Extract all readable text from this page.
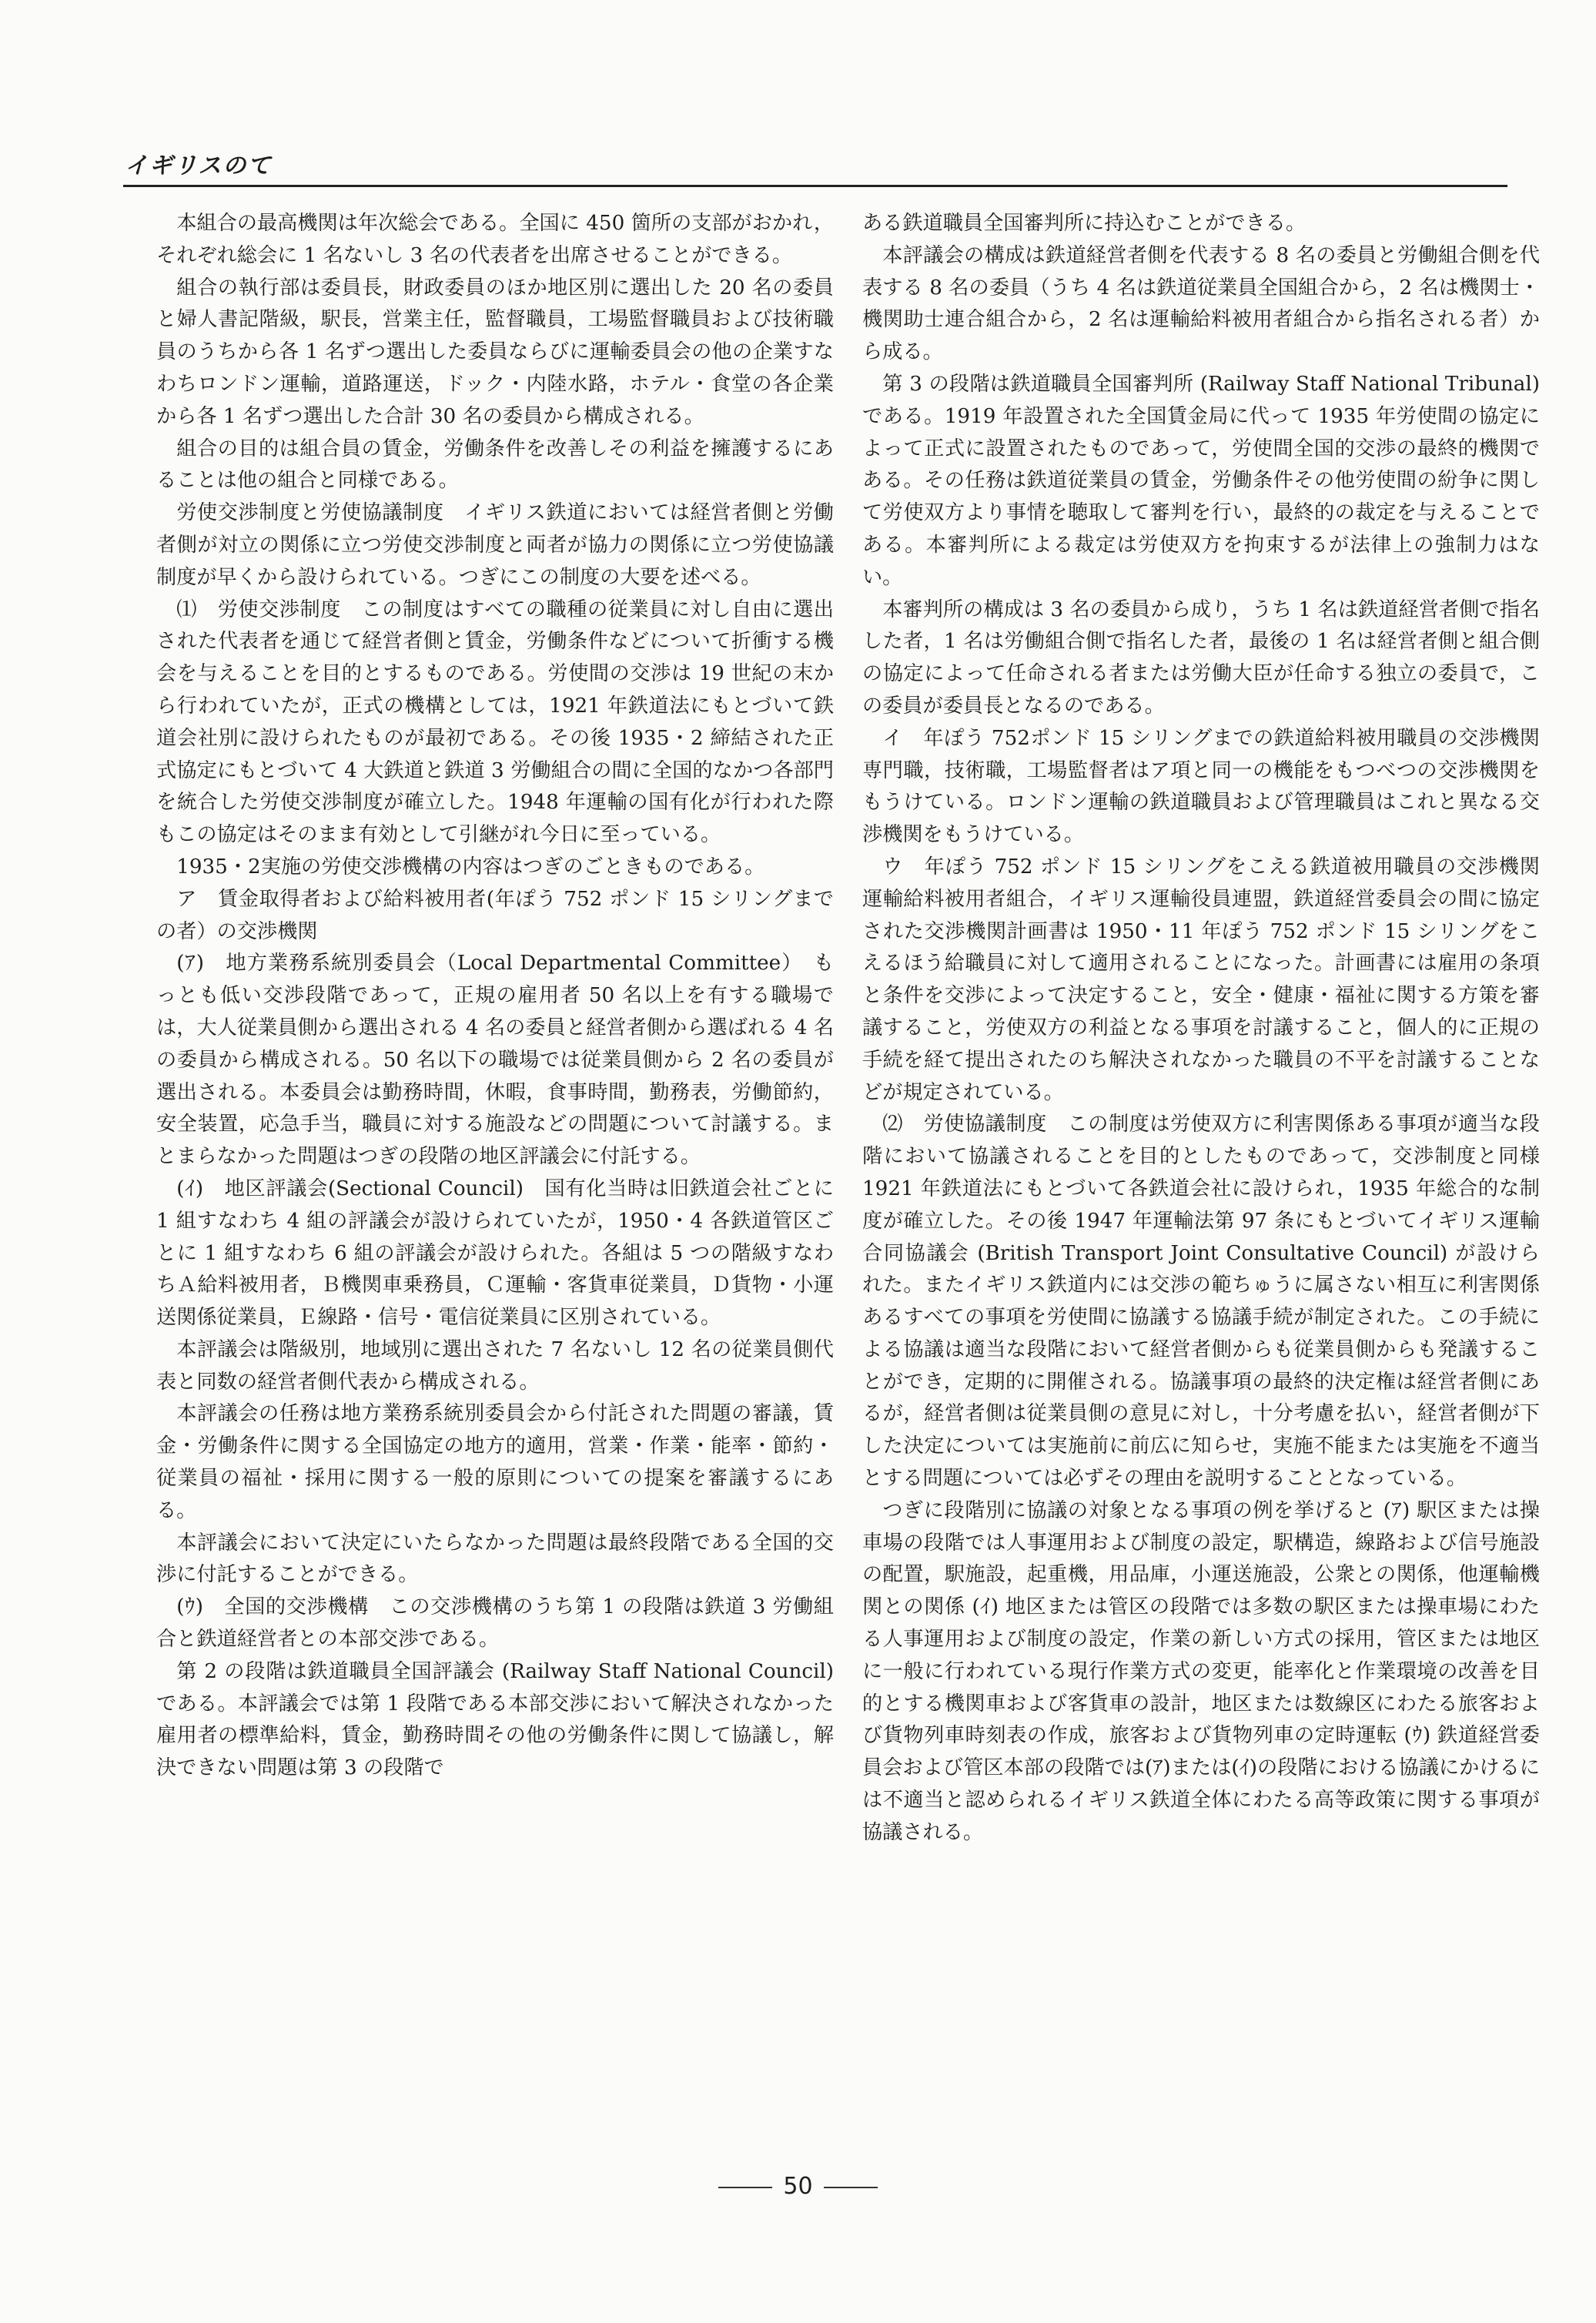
イギリスのて

本組合の最高機関は年次総会である。全国に 450 箇所の支部がおかれ，それぞれ総会に 1 名ないし 3 名の代表者を出席させることができる。

組合の執行部は委員長，財政委員のほか地区別に選出した 20 名の委員と婦人書記階級，駅長，営業主任，監督職員，工場監督職員および技術職員のうちから各 1 名ずつ選出した委員ならびに運輸委員会の他の企業すなわちロンドン運輸，道路運送，ドック・内陸水路，ホテル・食堂の各企業から各 1 名ずつ選出した合計 30 名の委員から構成される。

組合の目的は組合員の賃金，労働条件を改善しその利益を擁護するにあることは他の組合と同様である。

労使交渉制度と労使協議制度　イギリス鉄道においては経営者側と労働者側が対立の関係に立つ労使交渉制度と両者が協力の関係に立つ労使協議制度が早くから設けられている。つぎにこの制度の大要を述べる。

⑴　労使交渉制度　この制度はすべての職種の従業員に対し自由に選出された代表者を通じて経営者側と賃金，労働条件などについて折衝する機会を与えることを目的とするものである。労使間の交渉は 19 世紀の末から行われていたが，正式の機構としては，1921 年鉄道法にもとづいて鉄道会社別に設けられたものが最初である。その後 1935・2 締結された正式協定にもとづいて 4 大鉄道と鉄道 3 労働組合の間に全国的なかつ各部門を統合した労使交渉制度が確立した。1948 年運輸の国有化が行われた際もこの協定はそのまま有効として引継がれ今日に至っている。

1935・2実施の労使交渉機構の内容はつぎのごときものである。

ア　賃金取得者および給料被用者(年ぽう 752 ポンド 15 シリングまでの者）の交渉機関

(ｱ)　地方業務系統別委員会（Local Departmental Committee）　もっとも低い交渉段階であって，正規の雇用者 50 名以上を有する職場では，大人従業員側から選出される 4 名の委員と経営者側から選ばれる 4 名の委員から構成される。50 名以下の職場では従業員側から 2 名の委員が選出される。本委員会は勤務時間，休暇，食事時間，勤務表，労働節約，安全装置，応急手当，職員に対する施設などの問題について討議する。まとまらなかった問題はつぎの段階の地区評議会に付託する。

(ｲ)　地区評議会(Sectional Council)　国有化当時は旧鉄道会社ごとに 1 組すなわち 4 組の評議会が設けられていたが，1950・4 各鉄道管区ごとに 1 組すなわち 6 組の評議会が設けられた。各組は 5 つの階級すなわちＡ給料被用者，Ｂ機関車乗務員，Ｃ運輸・客貨車従業員，Ｄ貨物・小運送関係従業員，Ｅ線路・信号・電信従業員に区別されている。

本評議会は階級別，地域別に選出された 7 名ないし 12 名の従業員側代表と同数の経営者側代表から構成される。

本評議会の任務は地方業務系統別委員会から付託された問題の審議，賃金・労働条件に関する全国協定の地方的適用，営業・作業・能率・節約・従業員の福祉・採用に関する一般的原則についての提案を審議するにある。

本評議会において決定にいたらなかった問題は最終段階である全国的交渉に付託することができる。

(ｳ)　全国的交渉機構　この交渉機構のうち第 1 の段階は鉄道 3 労働組合と鉄道経営者との本部交渉である。

第 2 の段階は鉄道職員全国評議会 (Railway Staff National Council)である。本評議会では第 1 段階である本部交渉において解決されなかった雇用者の標準給料，賃金，勤務時間その他の労働条件に関して協議し，解決できない問題は第 3 の段階で

ある鉄道職員全国審判所に持込むことができる。

本評議会の構成は鉄道経営者側を代表する 8 名の委員と労働組合側を代表する 8 名の委員（うち 4 名は鉄道従業員全国組合から，2 名は機関士・機関助士連合組合から，2 名は運輸給料被用者組合から指名される者）から成る。

第 3 の段階は鉄道職員全国審判所 (Railway Staff National Tribunal)である。1919 年設置された全国賃金局に代って 1935 年労使間の協定によって正式に設置されたものであって，労使間全国的交渉の最終的機関である。その任務は鉄道従業員の賃金，労働条件その他労使間の紛争に関して労使双方より事情を聴取して審判を行い，最終的の裁定を与えることである。本審判所による裁定は労使双方を拘束するが法律上の強制力はない。

本審判所の構成は 3 名の委員から成り，うち 1 名は鉄道経営者側で指名した者，1 名は労働組合側で指名した者，最後の 1 名は経営者側と組合側の協定によって任命される者または労働大臣が任命する独立の委員で，この委員が委員長となるのである。

イ　年ぽう 752ポンド 15 シリングまでの鉄道給料被用職員の交渉機関　専門職，技術職，工場監督者はア項と同一の機能をもつべつの交渉機関をもうけている。ロンドン運輸の鉄道職員および管理職員はこれと異なる交渉機関をもうけている。

ウ　年ぽう 752 ポンド 15 シリングをこえる鉄道被用職員の交渉機関　運輸給料被用者組合，イギリス運輸役員連盟，鉄道経営委員会の間に協定された交渉機関計画書は 1950・11 年ぽう 752 ポンド 15 シリングをこえるほう給職員に対して適用されることになった。計画書には雇用の条項と条件を交渉によって決定すること，安全・健康・福祉に関する方策を審議すること，労使双方の利益となる事項を討議すること，個人的に正規の手続を経て提出されたのち解決されなかった職員の不平を討議することなどが規定されている。

⑵　労使協議制度　この制度は労使双方に利害関係ある事項が適当な段階において協議されることを目的としたものであって，交渉制度と同様 1921 年鉄道法にもとづいて各鉄道会社に設けられ，1935 年総合的な制度が確立した。その後 1947 年運輸法第 97 条にもとづいてイギリス運輸合同協議会 (British Transport Joint Consultative Council) が設けられた。またイギリス鉄道内には交渉の範ちゅうに属さない相互に利害関係あるすべての事項を労使間に協議する協議手続が制定された。この手続による協議は適当な段階において経営者側からも従業員側からも発議することができ，定期的に開催される。協議事項の最終的決定権は経営者側にあるが，経営者側は従業員側の意見に対し，十分考慮を払い，経営者側が下した決定については実施前に前広に知らせ，実施不能または実施を不適当とする問題については必ずその理由を説明することとなっている。

つぎに段階別に協議の対象となる事項の例を挙げると (ｱ) 駅区または操車場の段階では人事運用および制度の設定，駅構造，線路および信号施設の配置，駅施設，起重機，用品庫，小運送施設，公衆との関係，他運輸機関との関係 (ｲ) 地区または管区の段階では多数の駅区または操車場にわたる人事運用および制度の設定，作業の新しい方式の採用，管区または地区に一般に行われている現行作業方式の変更，能率化と作業環境の改善を目的とする機関車および客貨車の設計，地区または数線区にわたる旅客および貨物列車時刻表の作成，旅客および貨物列車の定時運転 (ｳ) 鉄道経営委員会および管区本部の段階では(ｱ)または(ｲ)の段階における協議にかけるには不適当と認められるイギリス鉄道全体にわたる高等政策に関する事項が協議される。

50
